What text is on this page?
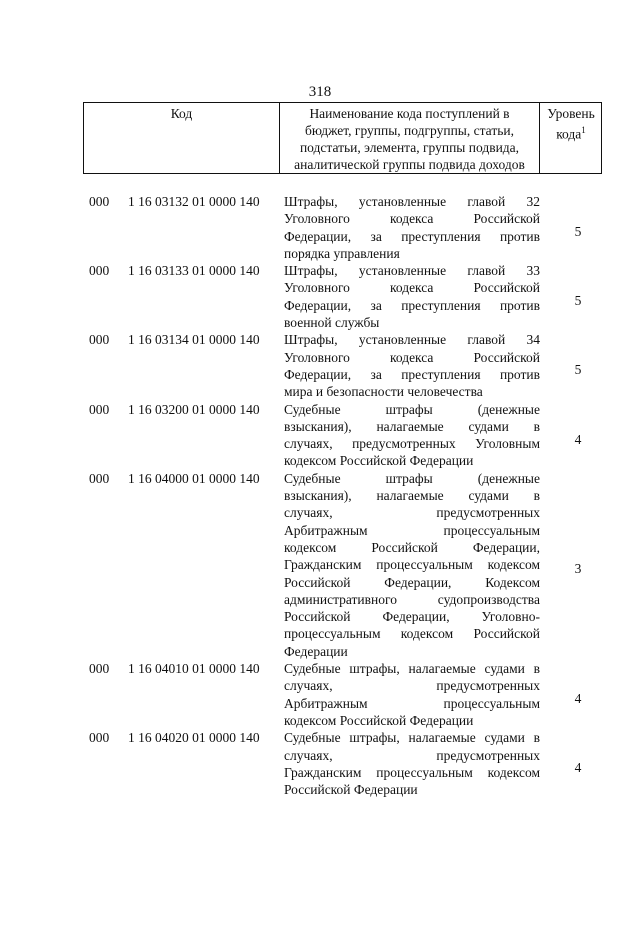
318
Код	Наименование кода поступлений в
бюджет, группы, подгруппы, статьи,
подстатьи, элемента, группы подвида,
аналитической группы подвида доходов
Уровень
кода$^1$
000	1 16 03132 01 0000 140	Штрафы, установленные главой 32
Уголовного кодекса Российской
Федерации, за преступления против
порядка управления
5
000	1 16 03133 01 0000 140	Штрафы, установленные главой 33
Уголовного кодекса Российской
Федерации, за преступления против
военной службы
5
000	1 16 03134 01 0000 140	Штрафы, установленные главой 34
Уголовного кодекса Российской
Федерации, за преступления против
мира и безопасности человечества
5
000	1 16 03200 01 0000 140	Судебные штрафы (денежные
взыскания), налагаемые судами в
случаях, предусмотренных Уголовным
кодексом Российской Федерации
4
000	1 16 04000 01 0000 140	Судебные штрафы (денежные
взыскания), налагаемые судами в
случаях, предусмотренных
Арбитражным процессуальным
кодексом Российской Федерации,
Гражданским процессуальным кодексом
Российской Федерации, Кодексом
административного судопроизводства
Российской Федерации, Уголовно-
процессуальным кодексом Российской
Федерации
3
000	1 16 04010 01 0000 140	Судебные штрафы, налагаемые судами в
случаях, предусмотренных
Арбитражным процессуальным
кодексом Российской Федерации
4
000	1 16 04020 01 0000 140	Судебные штрафы, налагаемые судами в
случаях, предусмотренных
Гражданским процессуальным кодексом
Российской Федерации
4
